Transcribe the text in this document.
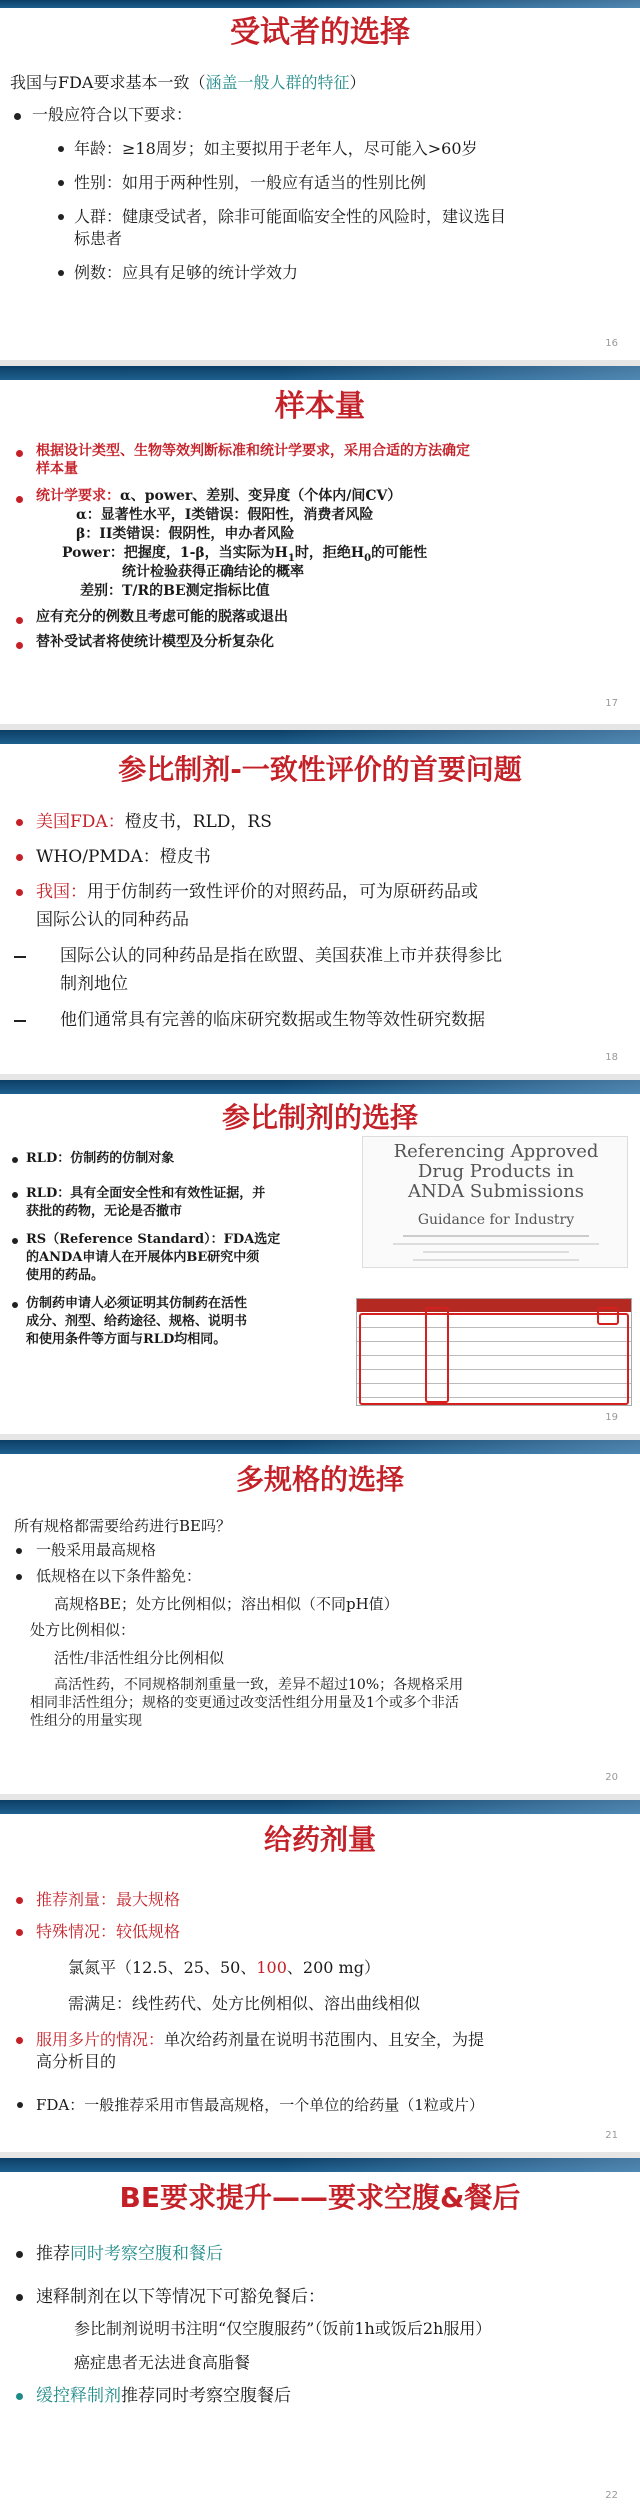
受试者的选择
我国与FDA要求基本一致（涵盖一般人群的特征）
一般应符合以下要求：
年龄：≥18周岁；如主要拟用于老年人，尽可能入>60岁
性别：如用于两种性别，一般应有适当的性别比例
人群：健康受试者，除非可能面临安全性的风险时，建议选目
标患者
例数：应具有足够的统计学效力
16
样本量
根据设计类型、生物等效判断标准和统计学要求，采用合适的方法确定
样本量
统计学要求：α、power、差别、变异度（个体内/间CV）
α：显著性水平，I类错误：假阳性，消费者风险
β：II类错误：假阴性，申办者风险
Power：把握度，1-β，当实际为$H_1$时，拒绝$H_0$的可能性
统计检验获得正确结论的概率
差别：T/R的BE测定指标比值
应有充分的例数且考虑可能的脱落或退出
替补受试者将使统计模型及分析复杂化
17
参比制剂-一致性评价的首要问题
美国FDA：橙皮书，RLD，RS
WHO/PMDA：橙皮书
我国：用于仿制药一致性评价的对照药品，可为原研药品或
国际公认的同种药品
国际公认的同种药品是指在欧盟、美国获准上市并获得参比
制剂地位
他们通常具有完善的临床研究数据或生物等效性研究数据
18
参比制剂的选择
RLD：仿制药的仿制对象
RLD：具有全面安全性和有效性证据，并
获批的药物，无论是否撤市
RS（Reference Standard）：FDA选定
的ANDA申请人在开展体内BE研究中须
使用的药品。
仿制药申请人必须证明其仿制药在活性
成分、剂型、给药途径、规格、说明书
和使用条件等方面与RLD均相同。
Referencing Approved
Drug Products in
ANDA Submissions
Guidance for Industry
19
多规格的选择
所有规格都需要给药进行BE吗？
一般采用最高规格
低规格在以下条件豁免：
高规格BE；处方比例相似；溶出相似（不同pH值）
处方比例相似：
活性/非活性组分比例相似
高活性药，不同规格制剂重量一致，差异不超过10%；各规格采用
相同非活性组分；规格的变更通过改变活性组分用量及1个或多个非活
性组分的用量实现
20
给药剂量
推荐剂量：最大规格
特殊情况：较低规格
氯氮平（12.5、25、50、100、200 mg）
需满足：线性药代、处方比例相似、溶出曲线相似
服用多片的情况：单次给药剂量在说明书范围内、且安全，为提
高分析目的
FDA：一般推荐采用市售最高规格，一个单位的给药量（1粒或片）
21
BE要求提升——要求空腹&餐后
推荐同时考察空腹和餐后
速释制剂在以下等情况下可豁免餐后：
参比制剂说明书注明“仅空腹服药”（饭前1h或饭后2h服用）
癌症患者无法进食高脂餐
缓控释制剂推荐同时考察空腹餐后
22
